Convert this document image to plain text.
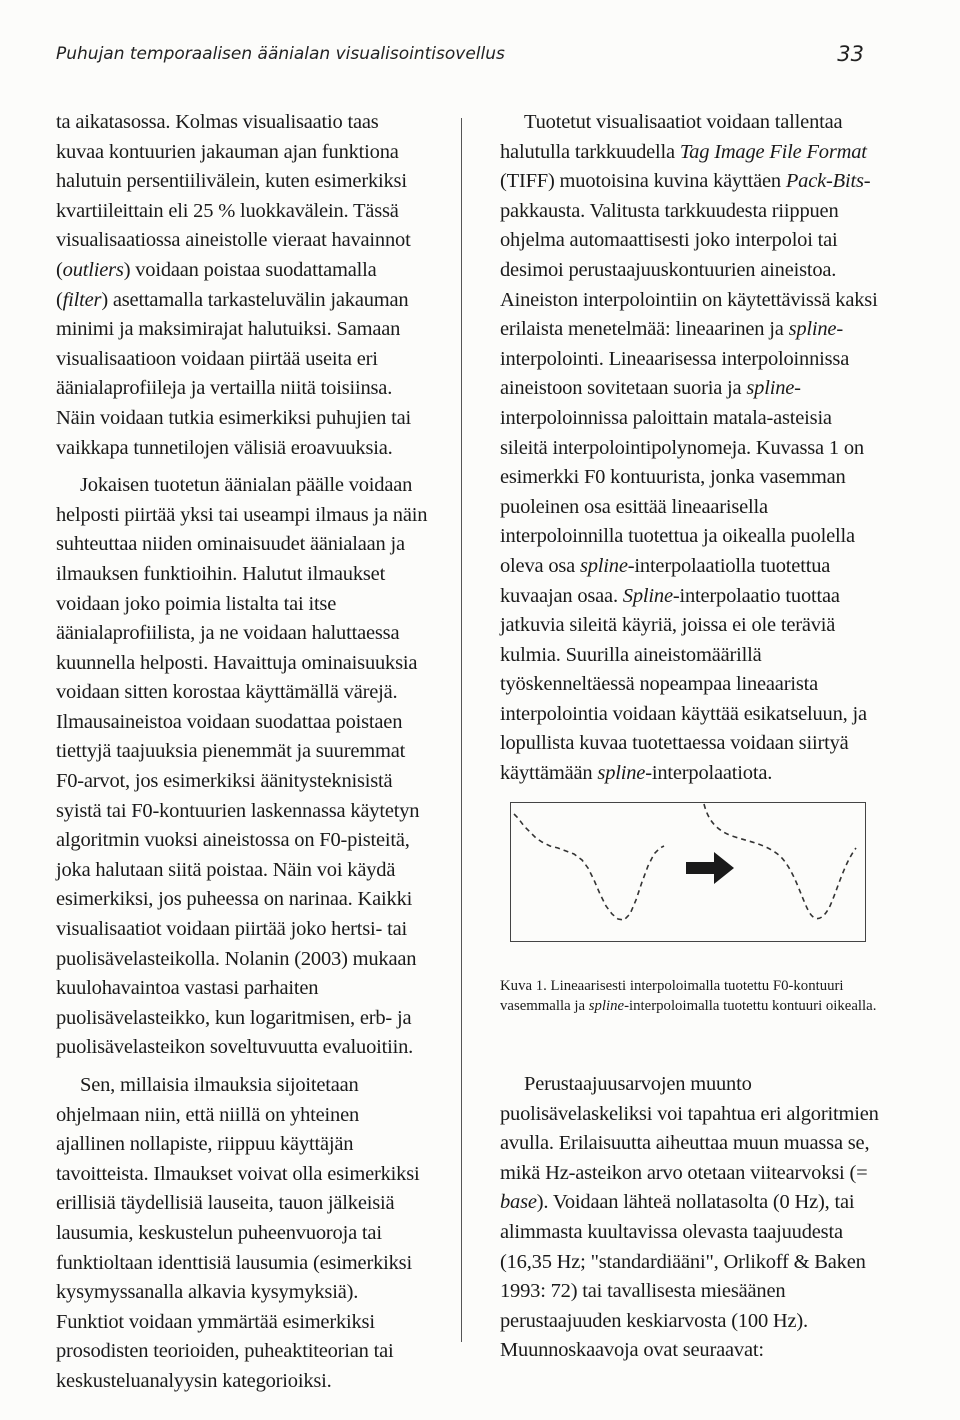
Puhujan temporaalisen äänialan visualisointisovellus	33

ta aikatasossa. Kolmas visualisaatio taas kuvaa kontuurien jakauman ajan funktiona halutuin persentiilivälein, kuten esimerkiksi kvartiileittain eli 25 % luokkavälein. Tässä visualisaatiossa aineistolle vieraat havainnot (outliers) voidaan poistaa suodattamalla (filter) asettamalla tarkasteluvälin jakauman minimi ja maksimirajat halutuiksi. Samaan visualisaatioon voidaan piirtää useita eri äänialaprofiileja ja vertailla niitä toisiinsa. Näin voidaan tutkia esimerkiksi puhujien tai vaikkapa tunnetilojen välisiä eroavuuksia.

Jokaisen tuotetun äänialan päälle voidaan helposti piirtää yksi tai useampi ilmaus ja näin suhteuttaa niiden ominaisuudet äänialaan ja ilmauksen funktioihin. Halutut ilmaukset voidaan joko poimia listalta tai itse äänialaprofiilista, ja ne voidaan haluttaessa kuunnella helposti. Havaittuja ominaisuuksia voidaan sitten korostaa käyttämällä värejä. Ilmausaineistoa voidaan suodattaa poistaen tiettyjä taajuuksia pienemmät ja suuremmat F0-arvot, jos esimerkiksi äänitysteknisistä syistä tai F0-kontuurien laskennassa käytetyn algoritmin vuoksi aineistossa on F0-pisteitä, joka halutaan siitä poistaa. Näin voi käydä esimerkiksi, jos puheessa on narinaa. Kaikki visualisaatiot voidaan piirtää joko hertsi- tai puolisävelasteikolla. Nolanin (2003) mukaan kuulohavaintoa vastasi parhaiten puolisävelasteikko, kun logaritmisen, erb- ja puolisävelasteikon soveltuvuutta evaluoitiin.

Sen, millaisia ilmauksia sijoitetaan ohjelmaan niin, että niillä on yhteinen ajallinen nollapiste, riippuu käyttäjän tavoitteista. Ilmaukset voivat olla esimerkiksi erillisiä täydellisiä lauseita, tauon jälkeisiä lausumia, keskustelun puheenvuoroja tai funktioltaan identtisiä lausumia (esimerkiksi kysymyssanalla alkavia kysymyksiä). Funktiot voidaan ymmärtää esimerkiksi prosodisten teorioiden, puheaktiteorian tai keskusteluanalyysin kategorioiksi.

Tuotetut visualisaatiot voidaan tallentaa halutulla tarkkuudella Tag Image File Format (TIFF) muotoisina kuvina käyttäen Pack-Bits-pakkausta. Valitusta tarkkuudesta riippuen ohjelma automaattisesti joko interpoloi tai desimoi perustaajuuskontuurien aineistoa. Aineiston interpolointiin on käytettävissä kaksi erilaista menetelmää: lineaarinen ja spline-interpolointi. Lineaarisessa interpoloinnissa aineistoon sovitetaan suoria ja spline-interpoloinnissa paloittain matala-asteisia sileitä interpolointipolynomeja. Kuvassa 1 on esimerkki F0 kontuurista, jonka vasemman puoleinen osa esittää lineaarisella interpoloinnilla tuotettua ja oikealla puolella oleva osa spline-interpolaatiolla tuotettua kuvaajan osaa. Spline-interpolaatio tuottaa jatkuvia sileitä käyriä, joissa ei ole teräviä kulmia. Suurilla aineistomäärillä työskenneltäessä nopeampaa lineaarista interpolointia voidaan käyttää esikatseluun, ja lopullista kuvaa tuotettaessa voidaan siirtyä käyttämään spline-interpolaatiota.

Kuva 1. Lineaarisesti interpoloimalla tuotettu F0-kontuuri vasemmalla ja spline-interpoloimalla tuotettu kontuuri oikealla.

Perustaajuusarvojen muunto puolisävelaskeliksi voi tapahtua eri algoritmien avulla. Erilaisuutta aiheuttaa muun muassa se, mikä Hz-asteikon arvo otetaan viitearvoksi (= base). Voidaan lähteä nollatasolta (0 Hz), tai alimmasta kuultavissa olevasta taajuudesta (16,35 Hz; "standardiääni", Orlikoff & Baken 1993: 72) tai tavallisesta miesäänen perustaajuuden keskiarvosta (100 Hz). Muunnoskaavoja ovat seuraavat:
